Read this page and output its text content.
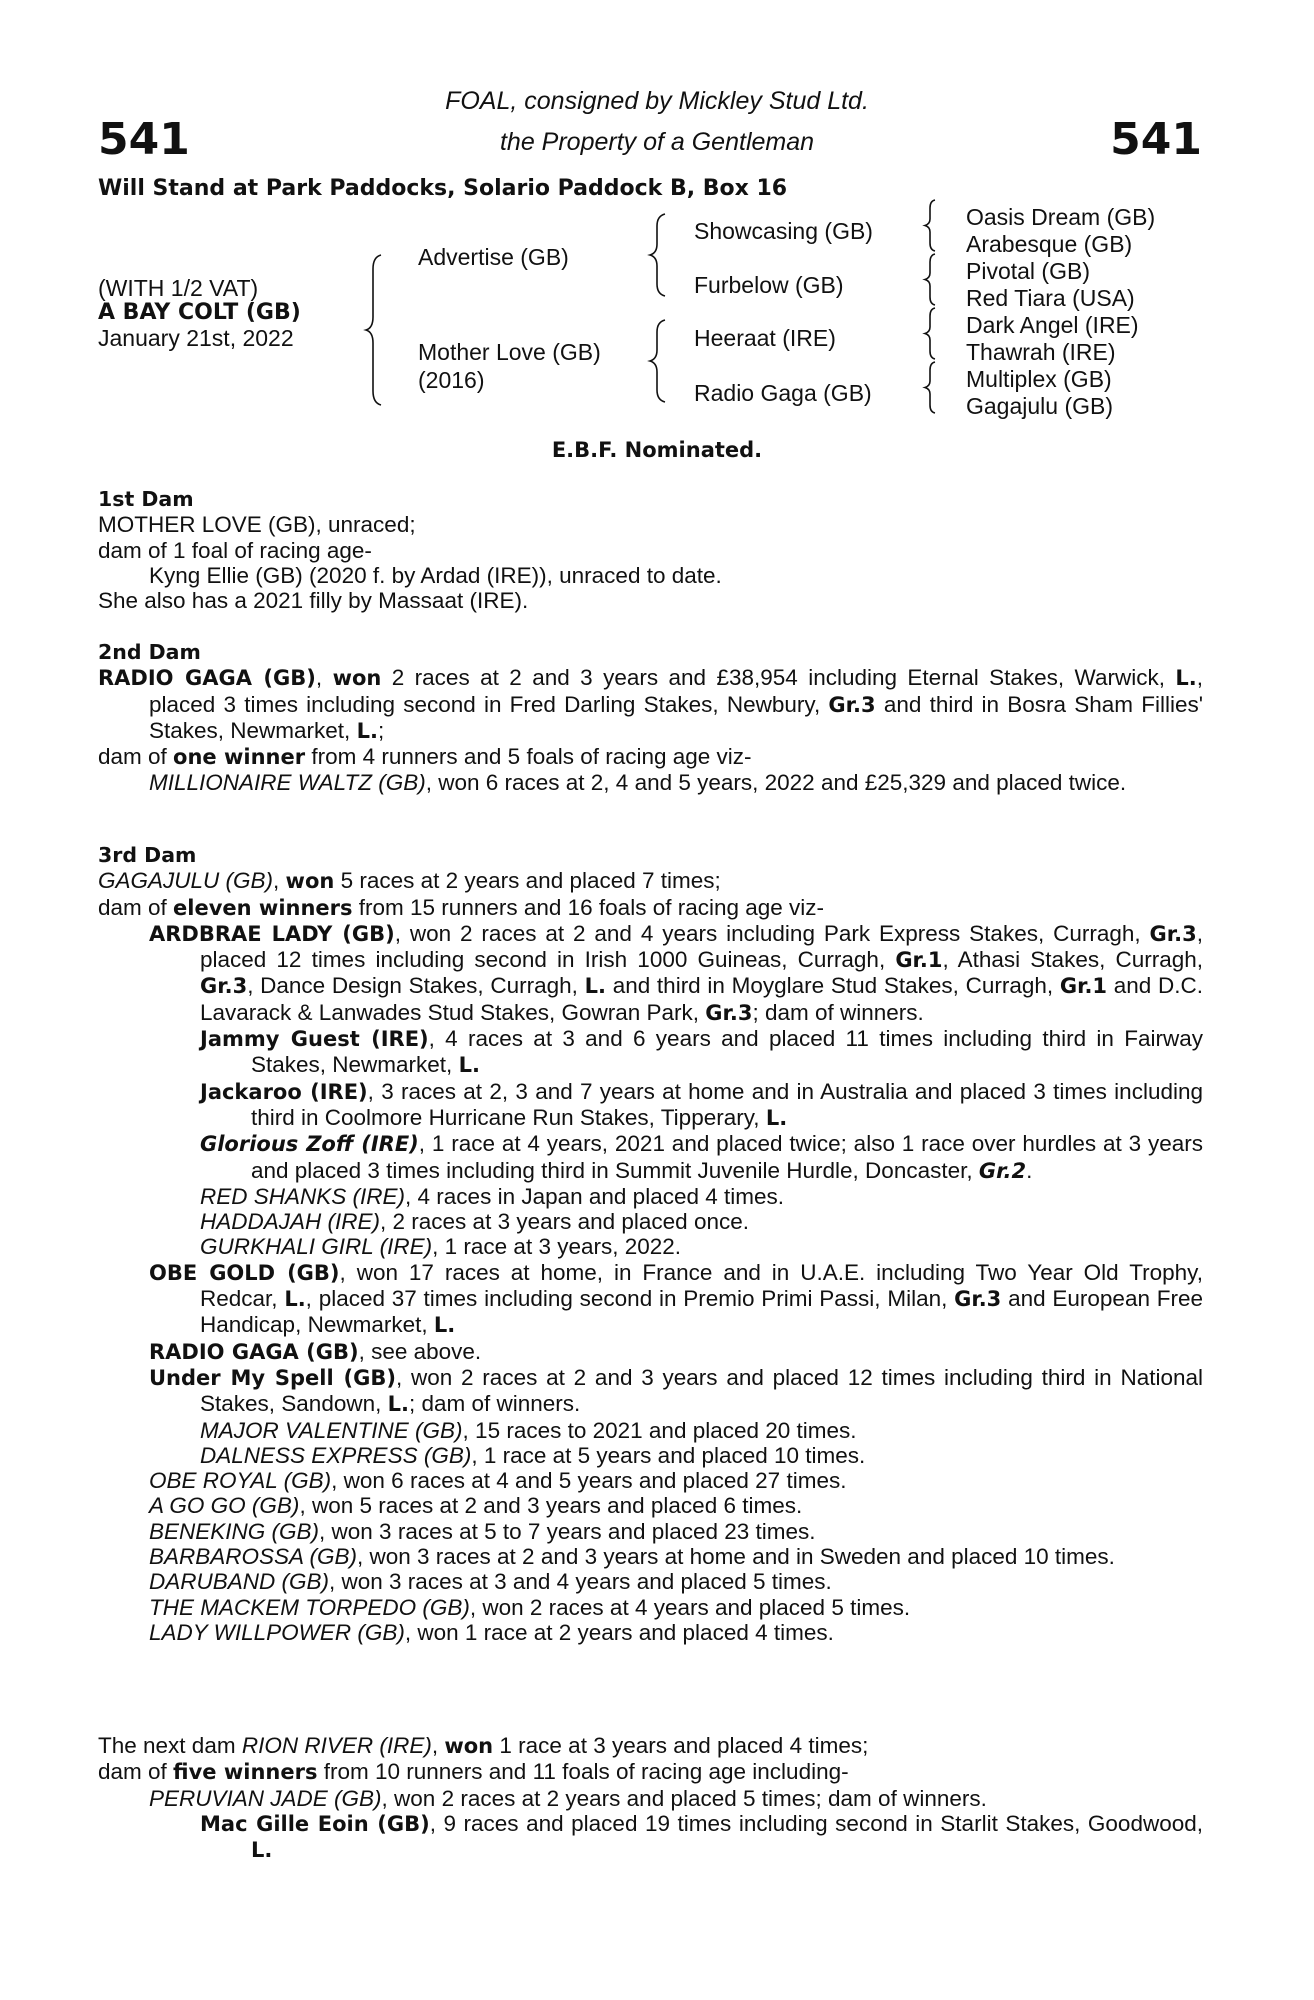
541	541
FOAL, consigned by Mickley Stud Ltd.
the Property of a Gentleman
Will Stand at Park Paddocks, Solario Paddock B, Box 16
(WITH 1/2 VAT)
A BAY COLT (GB)
January 21st, 2022
Advertise (GB)
Mother Love (GB)
(2016)
Showcasing (GB)
Furbelow (GB)
Heeraat (IRE)
Radio Gaga (GB)
Oasis Dream (GB)
Arabesque (GB)
Pivotal (GB)
Red Tiara (USA)
Dark Angel (IRE)
Thawrah (IRE)
Multiplex (GB)
Gagajulu (GB)
E.B.F. Nominated.
1st Dam
MOTHER LOVE (GB), unraced;
dam of 1 foal of racing age-
Kyng Ellie (GB) (2020 f. by Ardad (IRE)), unraced to date.
She also has a 2021 filly by Massaat (IRE).
2nd Dam
RADIO GAGA (GB), won 2 races at 2 and 3 years and £38,954 including Eternal Stakes, Warwick, L., placed 3 times including second in Fred Darling Stakes, Newbury, Gr.3 and third in Bosra Sham Fillies' Stakes, Newmarket, L.;
dam of one winner from 4 runners and 5 foals of racing age viz-
MILLIONAIRE WALTZ (GB), won 6 races at 2, 4 and 5 years, 2022 and £25,329 and placed twice.
3rd Dam
GAGAJULU (GB), won 5 races at 2 years and placed 7 times;
dam of eleven winners from 15 runners and 16 foals of racing age viz-
ARDBRAE LADY (GB), won 2 races at 2 and 4 years including Park Express Stakes, Curragh, Gr.3, placed 12 times including second in Irish 1000 Guineas, Curragh, Gr.1, Athasi Stakes, Curragh, Gr.3, Dance Design Stakes, Curragh, L. and third in Moyglare Stud Stakes, Curragh, Gr.1 and D.C. Lavarack & Lanwades Stud Stakes, Gowran Park, Gr.3; dam of winners.
Jammy Guest (IRE), 4 races at 3 and 6 years and placed 11 times including third in Fairway Stakes, Newmarket, L.
Jackaroo (IRE), 3 races at 2, 3 and 7 years at home and in Australia and placed 3 times including third in Coolmore Hurricane Run Stakes, Tipperary, L.
Glorious Zoff (IRE), 1 race at 4 years, 2021 and placed twice; also 1 race over hurdles at 3 years and placed 3 times including third in Summit Juvenile Hurdle, Doncaster, Gr.2.
RED SHANKS (IRE), 4 races in Japan and placed 4 times.
HADDAJAH (IRE), 2 races at 3 years and placed once.
GURKHALI GIRL (IRE), 1 race at 3 years, 2022.
OBE GOLD (GB), won 17 races at home, in France and in U.A.E. including Two Year Old Trophy, Redcar, L., placed 37 times including second in Premio Primi Passi, Milan, Gr.3 and European Free Handicap, Newmarket, L.
RADIO GAGA (GB), see above.
Under My Spell (GB), won 2 races at 2 and 3 years and placed 12 times including third in National Stakes, Sandown, L.; dam of winners.
MAJOR VALENTINE (GB), 15 races to 2021 and placed 20 times.
DALNESS EXPRESS (GB), 1 race at 5 years and placed 10 times.
OBE ROYAL (GB), won 6 races at 4 and 5 years and placed 27 times.
A GO GO (GB), won 5 races at 2 and 3 years and placed 6 times.
BENEKING (GB), won 3 races at 5 to 7 years and placed 23 times.
BARBAROSSA (GB), won 3 races at 2 and 3 years at home and in Sweden and placed 10 times.
DARUBAND (GB), won 3 races at 3 and 4 years and placed 5 times.
THE MACKEM TORPEDO (GB), won 2 races at 4 years and placed 5 times.
LADY WILLPOWER (GB), won 1 race at 2 years and placed 4 times.
The next dam RION RIVER (IRE), won 1 race at 3 years and placed 4 times;
dam of five winners from 10 runners and 11 foals of racing age including-
PERUVIAN JADE (GB), won 2 races at 2 years and placed 5 times; dam of winners.
Mac Gille Eoin (GB), 9 races and placed 19 times including second in Starlit Stakes, Goodwood, L.
